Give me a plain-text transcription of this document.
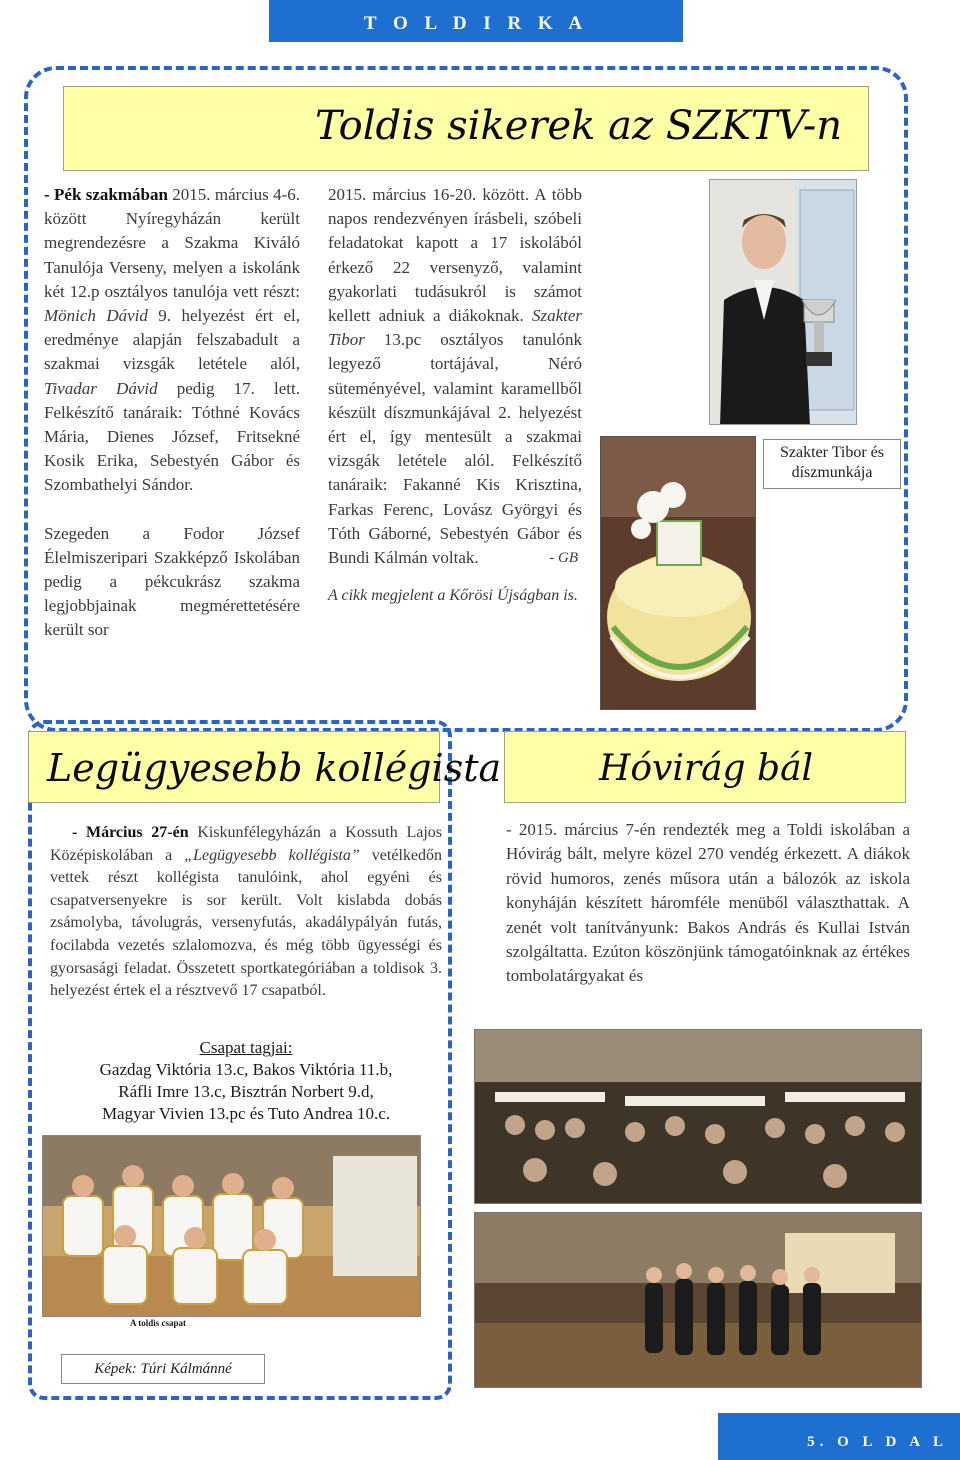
T O L D I R K A
Toldis sikerek az SZKTV-n

- Pék szakmában 2015. március 4-6. között Nyíregyházán került megrendezésre a Szakma Kiváló Tanulója Verseny, melyen a iskolánk két 12.p osztályos tanulója vett részt: Mönich Dávid 9. helyezést ért el, eredménye alapján felszabadult a szakmai vizsgák letétele alól, Tivadar Dávid pedig 17. lett. Felkészítő tanáraik: Tóthné Kovács Mária, Dienes József, Fritsekné Kosik Erika, Sebestyén Gábor és Szombathelyi Sándor.

Szegeden a Fodor József Élelmiszeripari Szakképző Iskolában pedig a pékcukrász szakma legjobbjainak megmérettetésére került sor

2015. március 16-20. között. A több napos rendezvényen írásbeli, szóbeli feladatokat kapott a 17 iskolából érkező 22 versenyző, valamint gyakorlati tudásukról is számot kellett adniuk a diákoknak. Szakter Tibor 13.pc osztályos tanulónk legyező tortájával, Néró süteményével, valamint karamellből készült díszmunkájával 2. helyezést ért el, így mentesült a szakmai vizsgák letétele alól. Felkészítő tanáraik: Fakanné Kis Krisztina, Farkas Ferenc, Lovász Györgyi és Tóth Gáborné, Sebestyén Gábor és Bundi Kálmán voltak.	- GB
A cikk megjelent a Kőrösi Újságban is.
Szakter Tibor és díszmunkája
Legügyesebb kollégista

- Március 27-én Kiskunfélegyházán a Kossuth Lajos Középiskolában a „Legügyesebb kollégista” vetélkedőn vettek részt kollégista tanulóink, ahol egyéni és csapatversenyekre is sor került. Volt kislabda dobás zsámolyba, távolugrás, versenyfutás, akadálypályán futás, focilabda vezetés szlalomozva, és még több ügyességi és gyorsasági feladat. Összetett sportkategóriában a toldisok 3. helyezést értek el a résztvevő 17 csapatból.

Csapat tagjai:
Gazdag Viktória 13.c, Bakos Viktória 11.b,
Ráfli Imre 13.c, Bisztrán Norbert 9.d,
Magyar Vivien 13.pc és Tuto Andrea 10.c.
A toldis csapat
Képek: Túri Kálmánné
Hóvirág bál

- 2015. március 7-én rendezték meg a Toldi iskolában a Hóvirág bált, melyre közel 270 vendég érkezett. A diákok rövid humoros, zenés műsora után a bálozók az iskola konyháján készített háromféle menüből választhattak. A zenét volt tanítványunk: Bakos András és Kullai István szolgáltatta. Ezúton köszönjünk támogatóinknak az értékes tombolatárgyakat és

5. O L D A L
